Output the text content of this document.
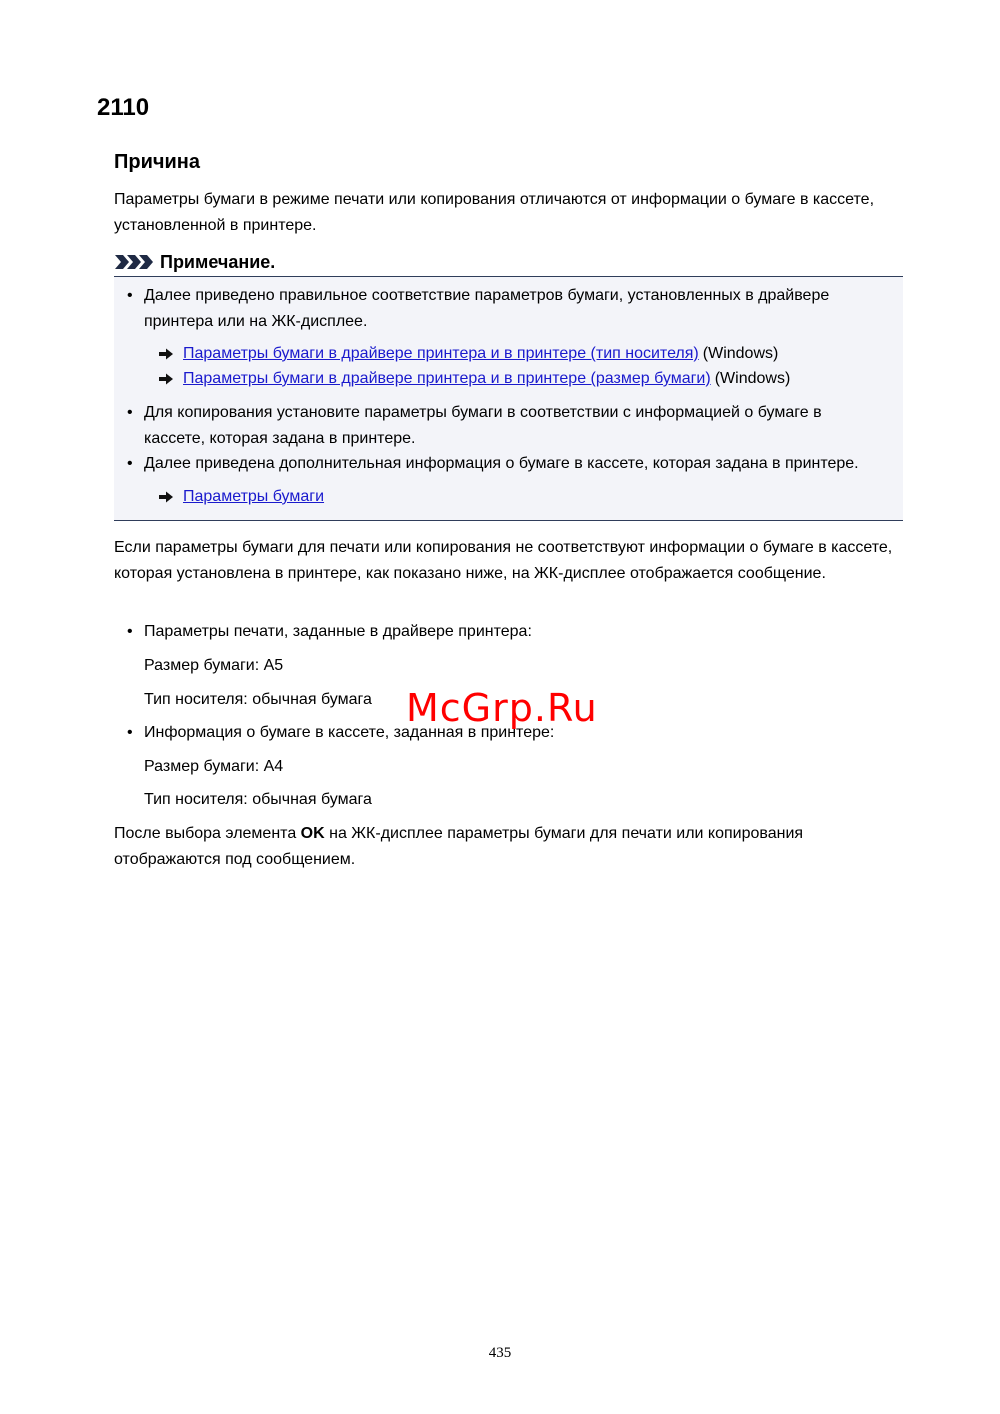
2110
Причина
Параметры бумаги в режиме печати или копирования отличаются от информации о бумаге в кассете, установленной в принтере.
Примечание.
• Далее приведено правильное соответствие параметров бумаги, установленных в драйвере принтера или на ЖК-дисплее.
Параметры бумаги в драйвере принтера и в принтере (тип носителя) (Windows)
Параметры бумаги в драйвере принтера и в принтере (размер бумаги) (Windows)
• Для копирования установите параметры бумаги в соответствии с информацией о бумаге в кассете, которая задана в принтере.
• Далее приведена дополнительная информация о бумаге в кассете, которая задана в принтере.
Параметры бумаги
Если параметры бумаги для печати или копирования не соответствуют информации о бумаге в кассете, которая установлена в принтере, как показано ниже, на ЖК-дисплее отображается сообщение.
• Параметры печати, заданные в драйвере принтера:
Размер бумаги: A5
Тип носителя: обычная бумага
• Информация о бумаге в кассете, заданная в принтере:
Размер бумаги: A4
Тип носителя: обычная бумага
После выбора элемента OK на ЖК-дисплее параметры бумаги для печати или копирования отображаются под сообщением.
McGrp.Ru
435
